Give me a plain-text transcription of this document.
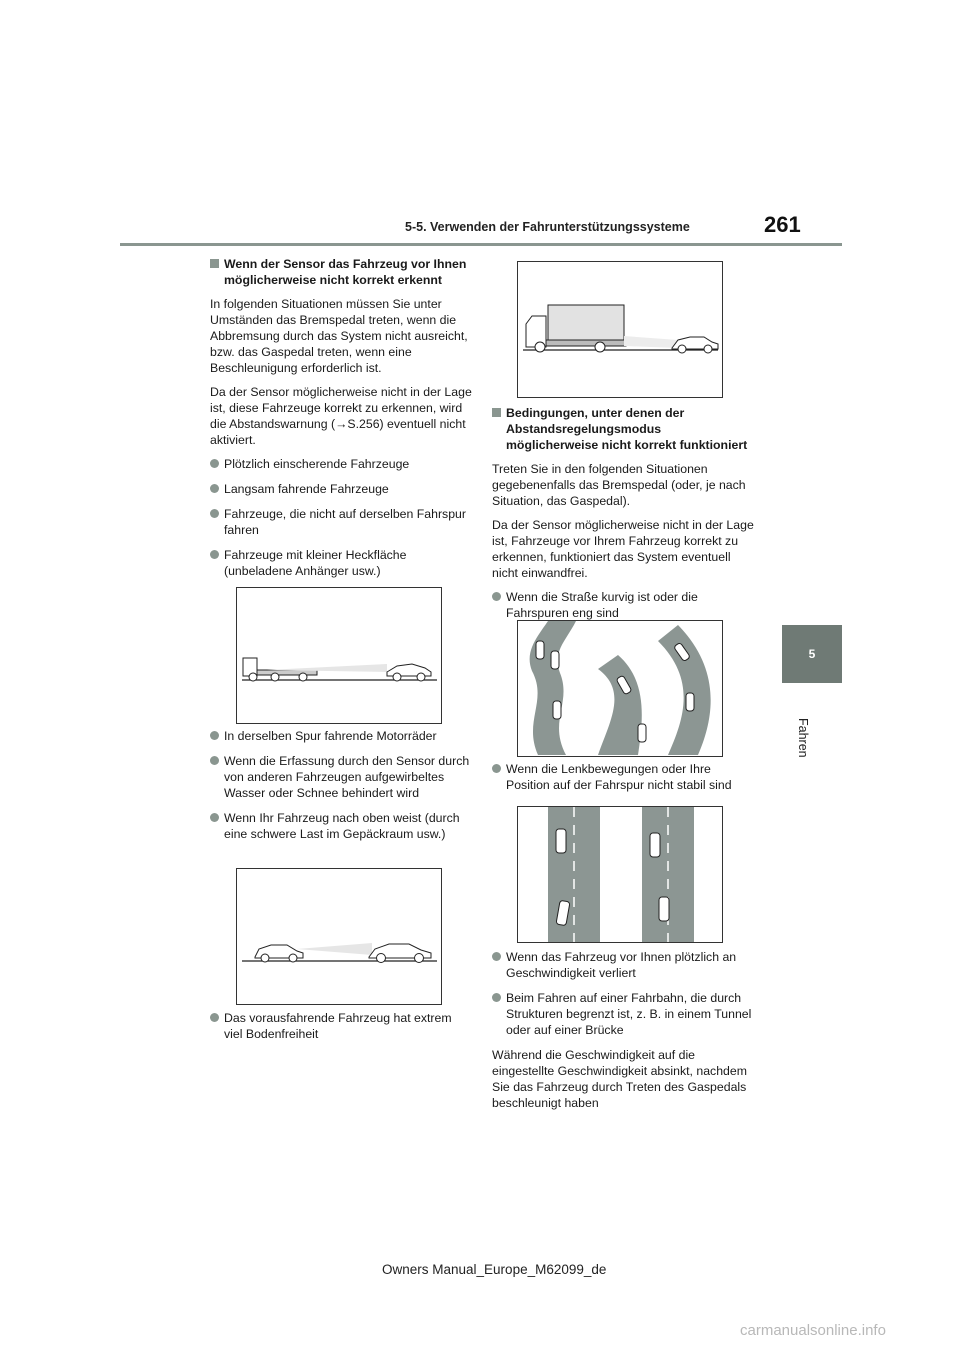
5-5. Verwenden der Fahrunterstützungssysteme	261
5
Fahren
Wenn der Sensor das Fahrzeug vor Ihnen möglicherweise nicht korrekt erkennt

In folgenden Situationen müssen Sie unter Umständen das Bremspedal treten, wenn die Abbremsung durch das System nicht ausreicht, bzw. das Gaspedal treten, wenn eine Beschleunigung erforderlich ist.

Da der Sensor möglicherweise nicht in der Lage ist, diese Fahrzeuge korrekt zu erkennen, wird die Abstandswarnung (→S.256) eventuell nicht aktiviert.

Plötzlich einscherende Fahrzeuge
Langsam fahrende Fahrzeuge
Fahrzeuge, die nicht auf derselben Fahrspur fahren
Fahrzeuge mit kleiner Heckfläche (unbeladene Anhänger usw.)
In derselben Spur fahrende Motorräder
Wenn die Erfassung durch den Sensor durch von anderen Fahrzeugen aufgewirbeltes Wasser oder Schnee behindert wird
Wenn Ihr Fahrzeug nach oben weist (durch eine schwere Last im Gepäckraum usw.)
Das vorausfahrende Fahrzeug hat extrem viel Bodenfreiheit
Bedingungen, unter denen der Abstandsregelungsmodus möglicherweise nicht korrekt funktioniert

Treten Sie in den folgenden Situationen gegebenenfalls das Bremspedal (oder, je nach Situation, das Gaspedal).

Da der Sensor möglicherweise nicht in der Lage ist, Fahrzeuge vor Ihrem Fahrzeug korrekt zu erkennen, funktioniert das System eventuell nicht einwandfrei.

Wenn die Straße kurvig ist oder die Fahrspuren eng sind
Wenn die Lenkbewegungen oder Ihre Position auf der Fahrspur nicht stabil sind
Wenn das Fahrzeug vor Ihnen plötzlich an Geschwindigkeit verliert
Beim Fahren auf einer Fahrbahn, die durch Strukturen begrenzt ist, z. B. in einem Tunnel oder auf einer Brücke

Während die Geschwindigkeit auf die eingestellte Geschwindigkeit absinkt, nachdem Sie das Fahrzeug durch Treten des Gaspedals beschleunigt haben

Owners Manual_Europe_M62099_de
carmanualsonline.info
